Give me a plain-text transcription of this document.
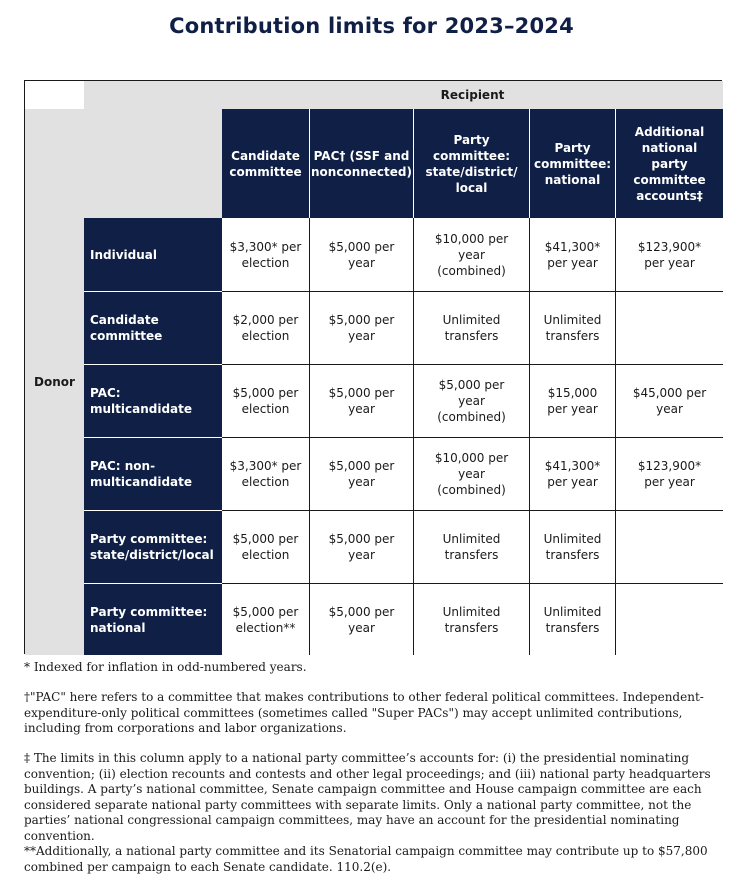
Contribution limits for 2023–2024
Recipient
Donor
Candidate committee
PAC† (SSF and nonconnected)
Party committee: state/district/ local
Party committee: national
Additional national party committee accounts‡
Individual
$3,300* per election
$5,000 per year
$10,000 per year (combined)
$41,300* per year
$123,900* per year
Candidate committee
$2,000 per election
$5,000 per year
Unlimited transfers
Unlimited transfers
PAC: multicandidate
$5,000 per election
$5,000 per year
$5,000 per year (combined)
$15,000 per year
$45,000 per year
PAC: non-multicandidate
$3,300* per election
$5,000 per year
$10,000 per year (combined)
$41,300* per year
$123,900* per year
Party committee: state/district/local
$5,000 per election
$5,000 per year
Unlimited transfers
Unlimited transfers
Party committee: national
$5,000 per election**
$5,000 per year
Unlimited transfers
Unlimited transfers
* Indexed for inflation in odd-numbered years.
†"PAC" here refers to a committee that makes contributions to other federal political committees. Independent-expenditure-only political committees (sometimes called "Super PACs") may accept unlimited contributions, including from corporations and labor organizations.
‡ The limits in this column apply to a national party committee’s accounts for: (i) the presidential nominating convention; (ii) election recounts and contests and other legal proceedings; and (iii) national party headquarters buildings. A party’s national committee, Senate campaign committee and House campaign committee are each considered separate national party committees with separate limits. Only a national party committee, not the parties’ national congressional campaign committees, may have an account for the presidential nominating convention.
**Additionally, a national party committee and its Senatorial campaign committee may contribute up to $57,800 combined per campaign to each Senate candidate. 110.2(e).
